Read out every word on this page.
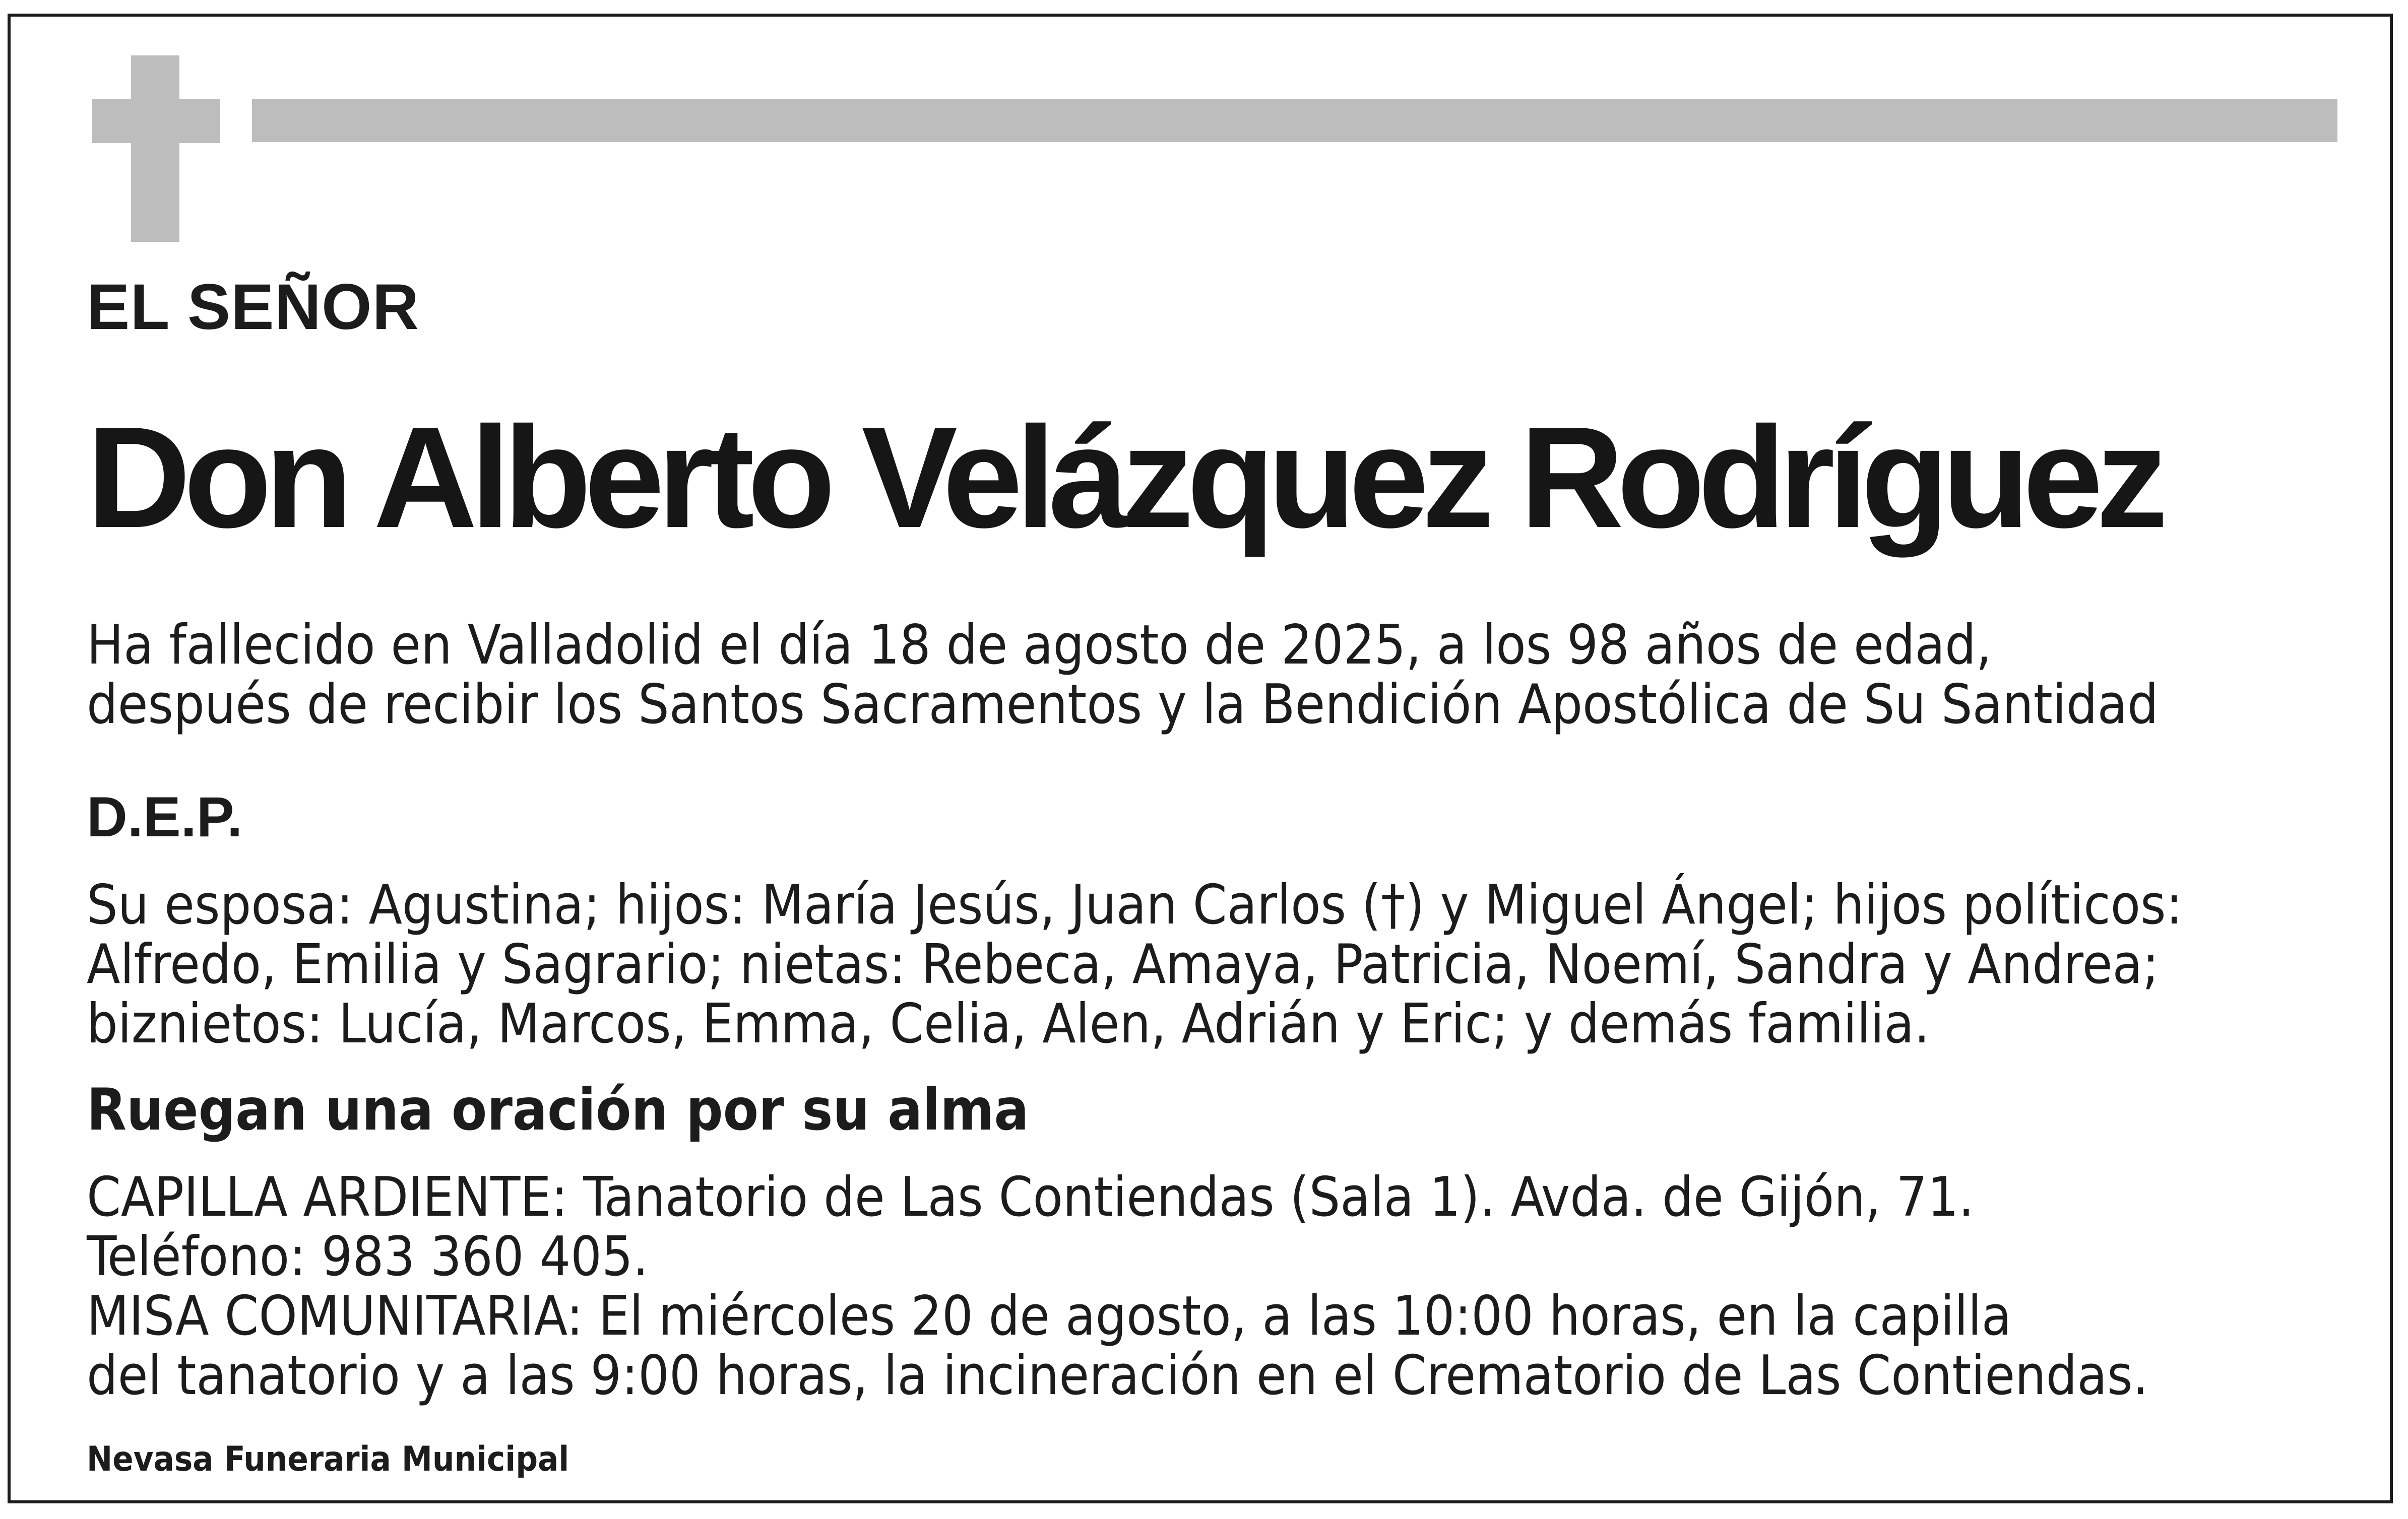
EL SEÑOR

Don Alberto Velázquez Rodríguez

Ha fallecido en Valladolid el día 18 de agosto de 2025, a los 98 años de edad,
después de recibir los Santos Sacramentos y la Bendición Apostólica de Su Santidad

D.E.P.

Su esposa: Agustina; hijos: María Jesús, Juan Carlos (†) y Miguel Ángel; hijos políticos:
Alfredo, Emilia y Sagrario; nietas: Rebeca, Amaya, Patricia, Noemí, Sandra y Andrea;
biznietos: Lucía, Marcos, Emma, Celia, Alen, Adrián y Eric; y demás familia.

Ruegan una oración por su alma

CAPILLA ARDIENTE: Tanatorio de Las Contiendas (Sala 1). Avda. de Gijón, 71.
Teléfono: 983 360 405.
MISA COMUNITARIA: El miércoles 20 de agosto, a las 10:00 horas, en la capilla
del tanatorio y a las 9:00 horas, la incineración en el Crematorio de Las Contiendas.

Nevasa Funeraria Municipal
